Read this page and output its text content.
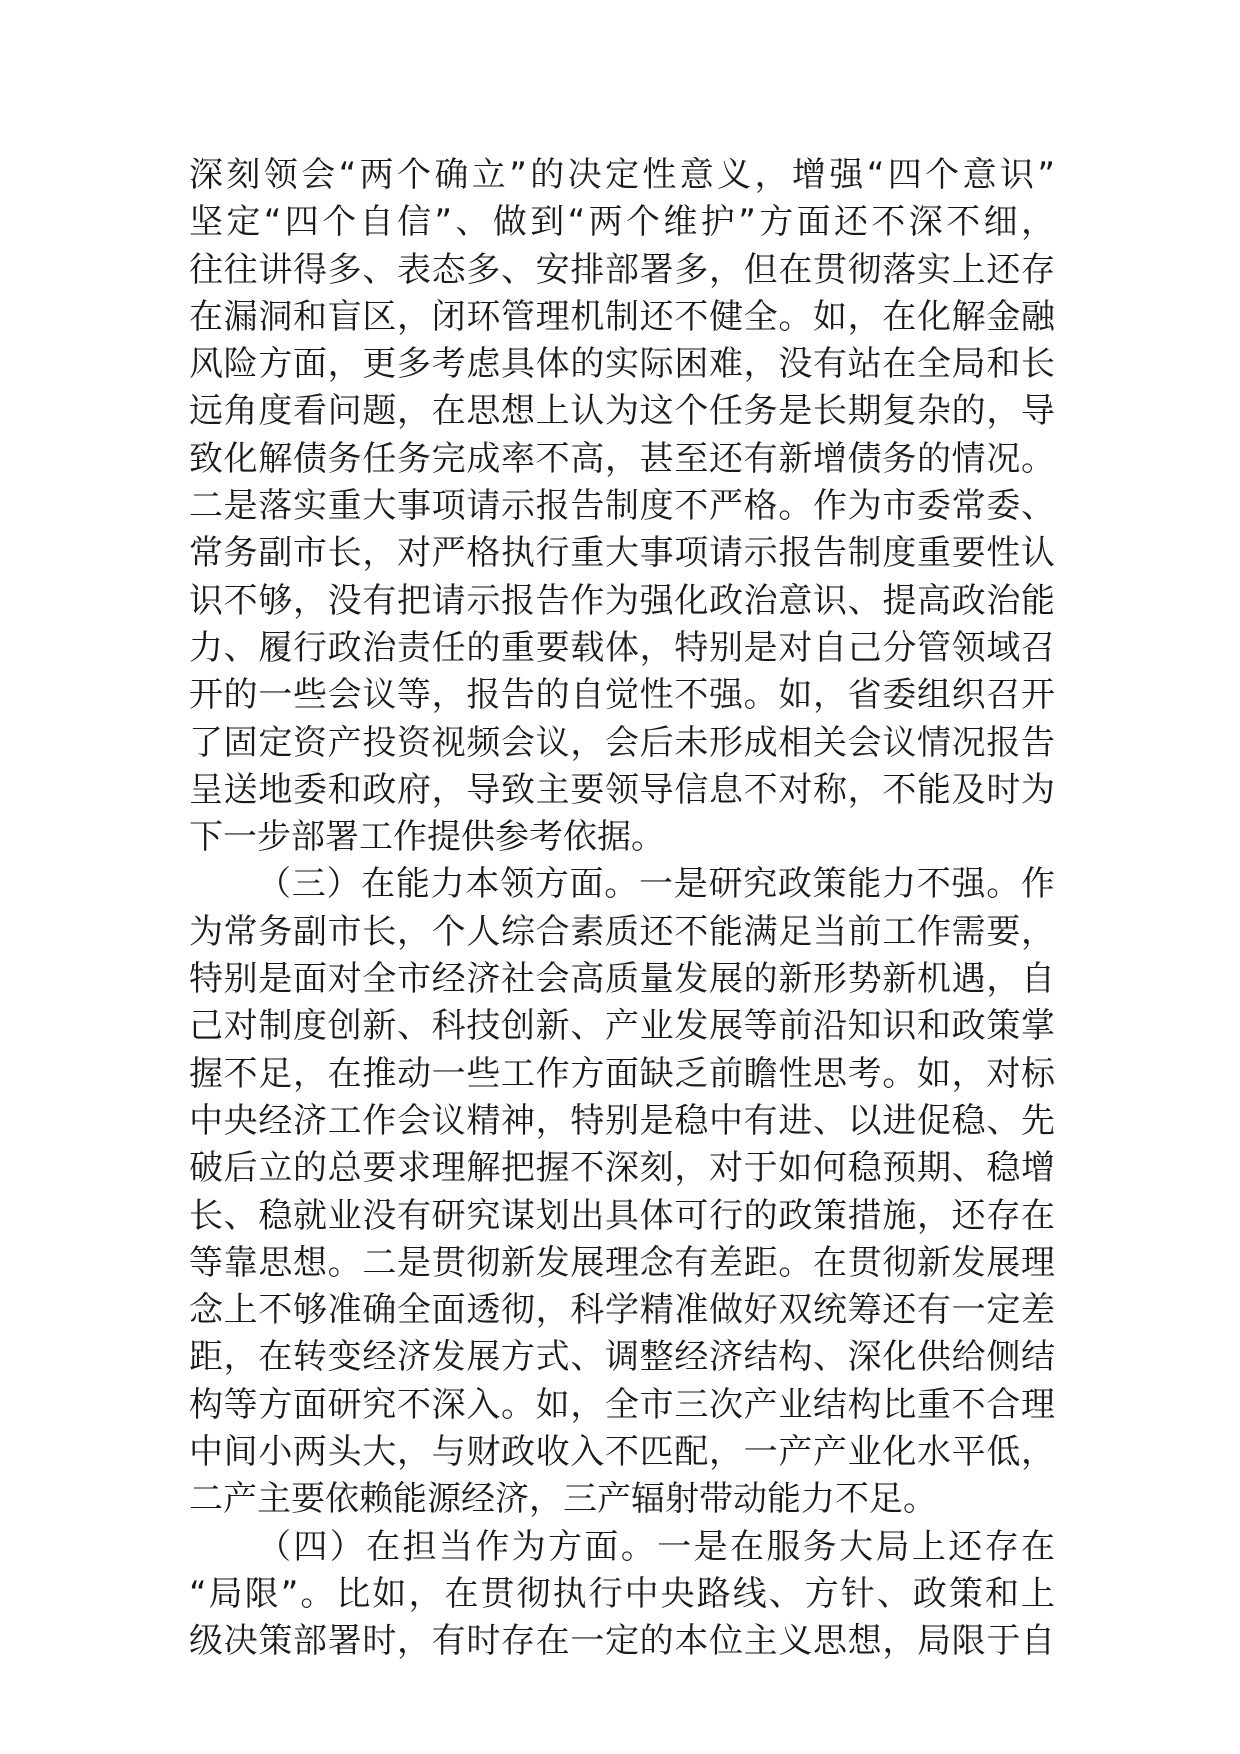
深刻领会“两个确立”的决定性意义，增强“四个意识”
坚定“四个自信”、做到“两个维护”方面还不深不细，
往往讲得多、表态多、安排部署多，但在贯彻落实上还存
在漏洞和盲区，闭环管理机制还不健全。如，在化解金融
风险方面，更多考虑具体的实际困难，没有站在全局和长
远角度看问题，在思想上认为这个任务是长期复杂的，导
致化解债务任务完成率不高，甚至还有新增债务的情况。
二是落实重大事项请示报告制度不严格。作为市委常委、
常务副市长，对严格执行重大事项请示报告制度重要性认
识不够，没有把请示报告作为强化政治意识、提高政治能
力、履行政治责任的重要载体，特别是对自己分管领域召
开的一些会议等，报告的自觉性不强。如，省委组织召开
了固定资产投资视频会议，会后未形成相关会议情况报告
呈送地委和政府，导致主要领导信息不对称，不能及时为
下一步部署工作提供参考依据。
（三）在能力本领方面。一是研究政策能力不强。作
为常务副市长，个人综合素质还不能满足当前工作需要，
特别是面对全市经济社会高质量发展的新形势新机遇，自
己对制度创新、科技创新、产业发展等前沿知识和政策掌
握不足，在推动一些工作方面缺乏前瞻性思考。如，对标
中央经济工作会议精神，特别是稳中有进、以进促稳、先
破后立的总要求理解把握不深刻，对于如何稳预期、稳增
长、稳就业没有研究谋划出具体可行的政策措施，还存在
等靠思想。二是贯彻新发展理念有差距。在贯彻新发展理
念上不够准确全面透彻，科学精准做好双统筹还有一定差
距，在转变经济发展方式、调整经济结构、深化供给侧结
构等方面研究不深入。如，全市三次产业结构比重不合理
中间小两头大，与财政收入不匹配，一产产业化水平低，
二产主要依赖能源经济，三产辐射带动能力不足。
（四）在担当作为方面。一是在服务大局上还存在
“局限”。比如，在贯彻执行中央路线、方针、政策和上
级决策部署时，有时存在一定的本位主义思想，局限于自
